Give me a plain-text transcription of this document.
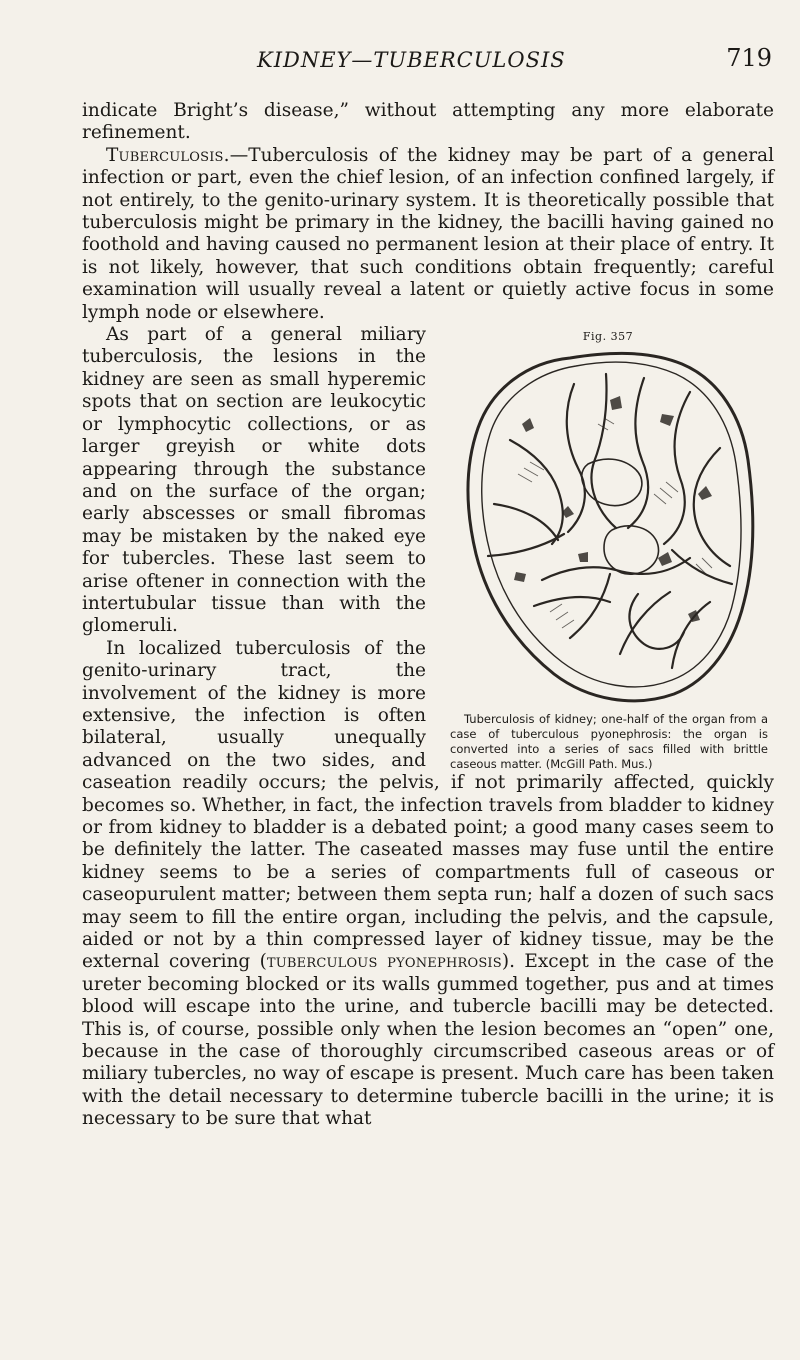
KIDNEY—TUBERCULOSIS	719

indicate Bright’s disease,” without attempting any more elaborate refinement.

Tuberculosis.—Tuberculosis of the kidney may be part of a general infection or part, even the chief lesion, of an infection confined largely, if not entirely, to the genito-urinary system. It is theoretically possible that tuberculosis might be primary in the kidney, the bacilli having gained no foothold and having caused no permanent lesion at their place of entry. It is not likely, however, that such conditions obtain frequently; careful examination will usually reveal a latent or quietly active focus in some lymph node or elsewhere.

Fig. 357
Tuberculosis of kidney; one-half of the organ from a case of tuberculous pyonephrosis: the organ is converted into a series of sacs filled with brittle caseous matter. (McGill Path. Mus.)

As part of a general miliary tuberculosis, the lesions in the kidney are seen as small hyperemic spots that on section are leukocytic or lymphocytic collections, or as larger greyish or white dots appearing through the substance and on the surface of the organ; early abscesses or small fibromas may be mistaken by the naked eye for tubercles. These last seem to arise oftener in connection with the intertubular tissue than with the glomeruli.

In localized tuberculosis of the genito-urinary tract, the involvement of the kidney is more extensive, the infection is often bilateral, usually unequally advanced on the two sides, and caseation readily occurs; the pelvis, if not primarily affected, quickly becomes so. Whether, in fact, the infection travels from bladder to kidney or from kidney to bladder is a debated point; a good many cases seem to be definitely the latter. The caseated masses may fuse until the entire kidney seems to be a series of compartments full of caseous or caseopurulent matter; between them septa run; half a dozen of such sacs may seem to fill the entire organ, including the pelvis, and the capsule, aided or not by a thin compressed layer of kidney tissue, may be the external covering (tuberculous pyonephrosis). Except in the case of the ureter becoming blocked or its walls gummed together, pus and at times blood will escape into the urine, and tubercle bacilli may be detected. This is, of course, possible only when the lesion becomes an “open” one, because in the case of thoroughly circumscribed caseous areas or of miliary tubercles, no way of escape is present. Much care has been taken with the detail necessary to determine tubercle bacilli in the urine; it is necessary to be sure that what
